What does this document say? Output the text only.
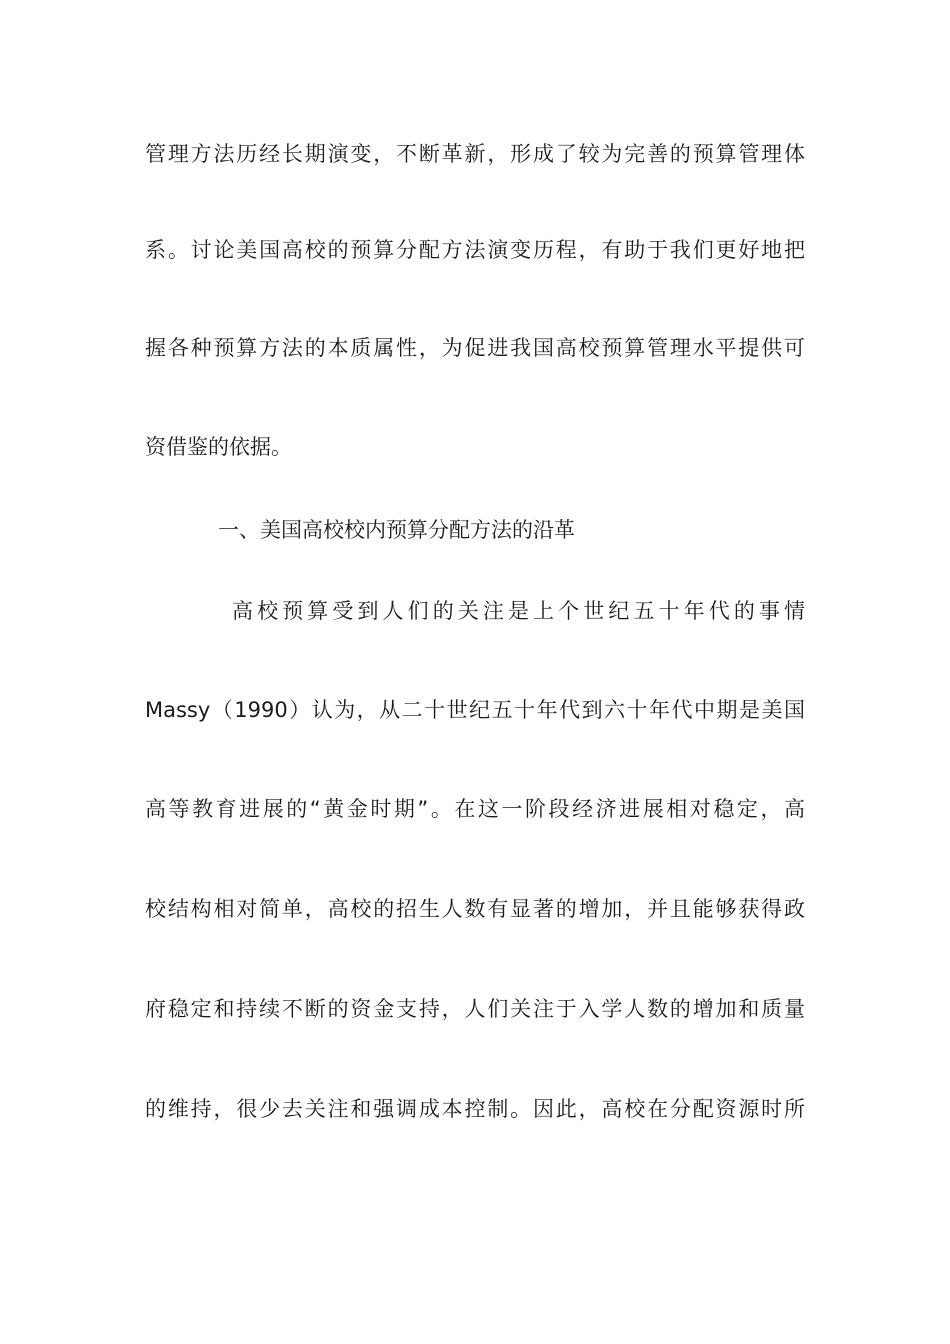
管理方法历经长期演变，不断革新，形成了较为完善的预算管理体
系。讨论美国高校的预算分配方法演变历程，有助于我们更好地把
握各种预算方法的本质属性，为促进我国高校预算管理水平提供可
资借鉴的依据。
一、美国高校校内预算分配方法的沿革
高校预算受到人们的关注是上个世纪五十年代的事情
Massy（1990）认为，从二十世纪五十年代到六十年代中期是美国
高等教育进展的“黄金时期”。在这一阶段经济进展相对稳定，高
校结构相对简单，高校的招生人数有显著的增加，并且能够获得政
府稳定和持续不断的资金支持，人们关注于入学人数的增加和质量
的维持，很少去关注和强调成本控制。因此，高校在分配资源时所
